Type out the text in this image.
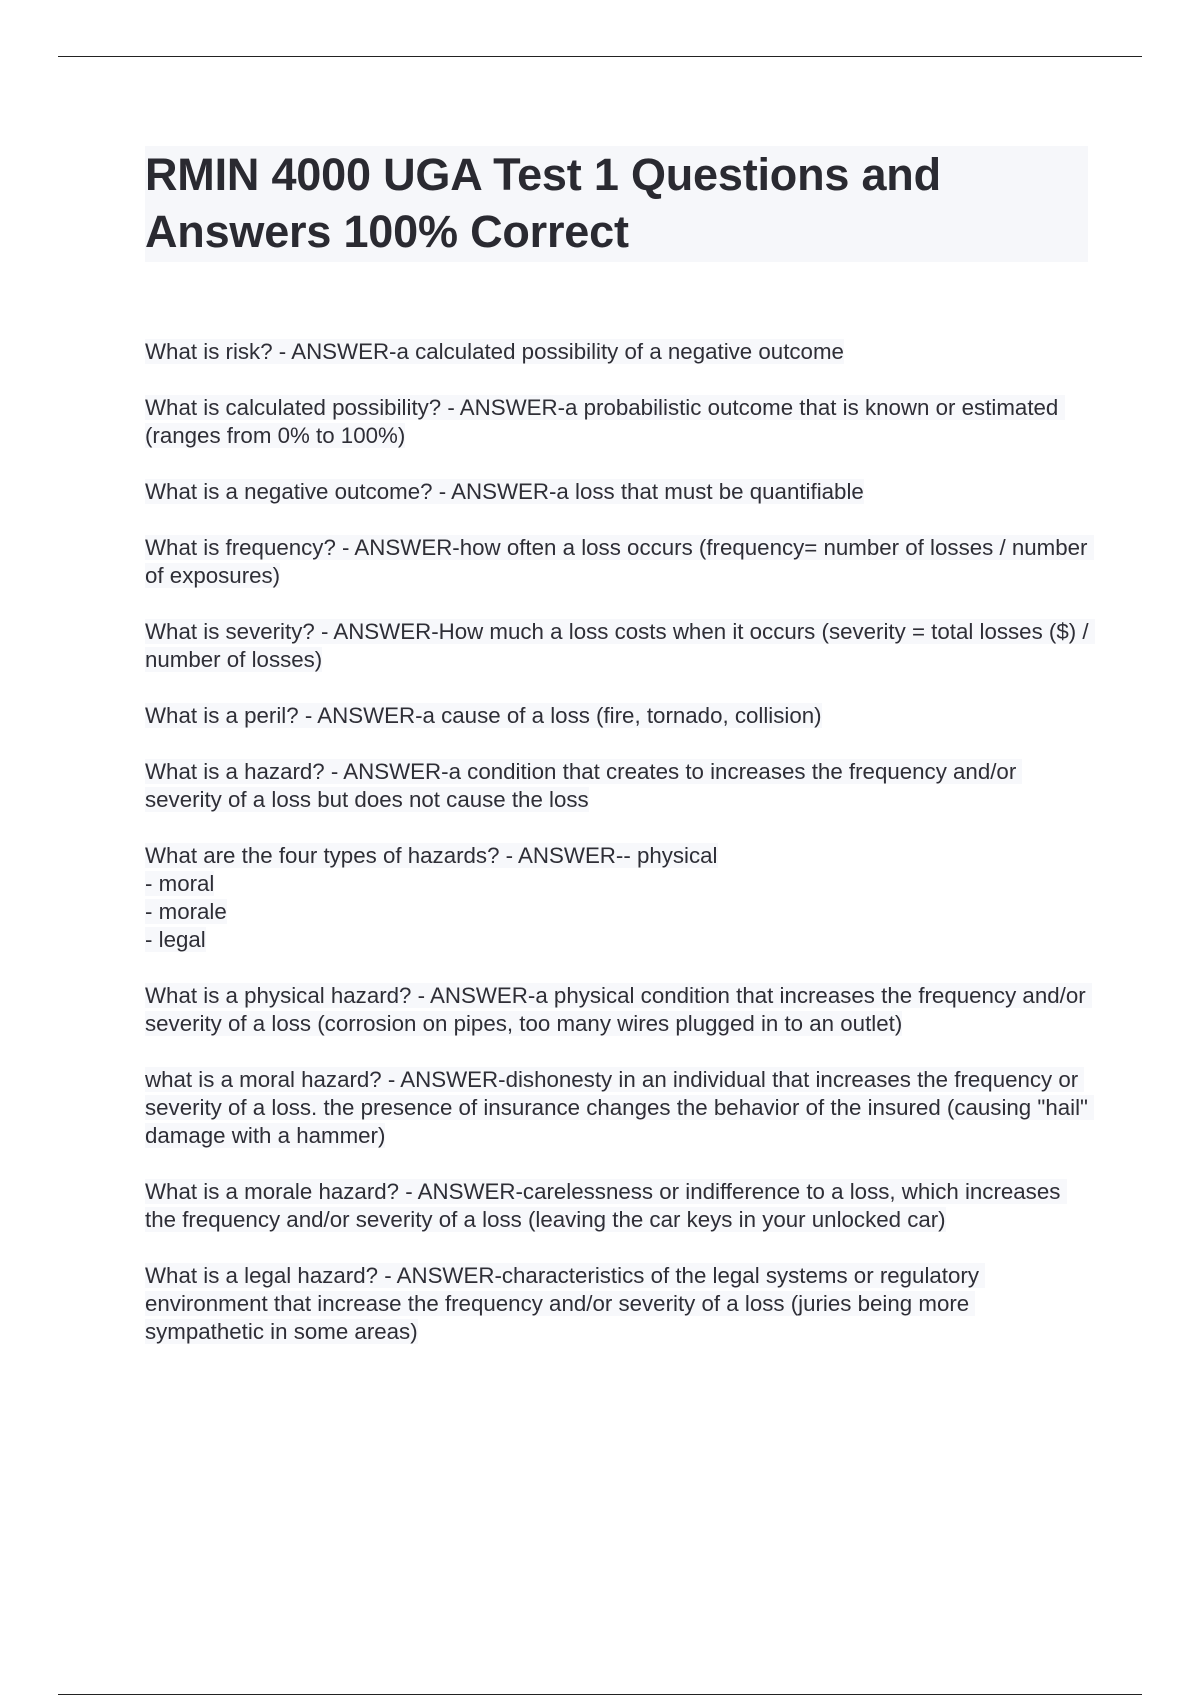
RMIN 4000 UGA Test 1 Questions and Answers 100% Correct

What is risk? - ANSWER-a calculated possibility of a negative outcome

What is calculated possibility? - ANSWER-a probabilistic outcome that is known or estimated (ranges from 0% to 100%)

What is a negative outcome? - ANSWER-a loss that must be quantifiable

What is frequency? - ANSWER-how often a loss occurs (frequency= number of losses / number of exposures)

What is severity? - ANSWER-How much a loss costs when it occurs (severity = total losses ($) / number of losses)

What is a peril? - ANSWER-a cause of a loss (fire, tornado, collision)

What is a hazard? - ANSWER-a condition that creates to increases the frequency and/or severity of a loss but does not cause the loss

What are the four types of hazards? - ANSWER-- physical
- moral
- morale
- legal

What is a physical hazard? - ANSWER-a physical condition that increases the frequency and/or severity of a loss (corrosion on pipes, too many wires plugged in to an outlet)

what is a moral hazard? - ANSWER-dishonesty in an individual that increases the frequency or severity of a loss. the presence of insurance changes the behavior of the insured (causing "hail" damage with a hammer)

What is a morale hazard? - ANSWER-carelessness or indifference to a loss, which increases the frequency and/or severity of a loss (leaving the car keys in your unlocked car)

What is a legal hazard? - ANSWER-characteristics of the legal systems or regulatory environment that increase the frequency and/or severity of a loss (juries being more sympathetic in some areas)
